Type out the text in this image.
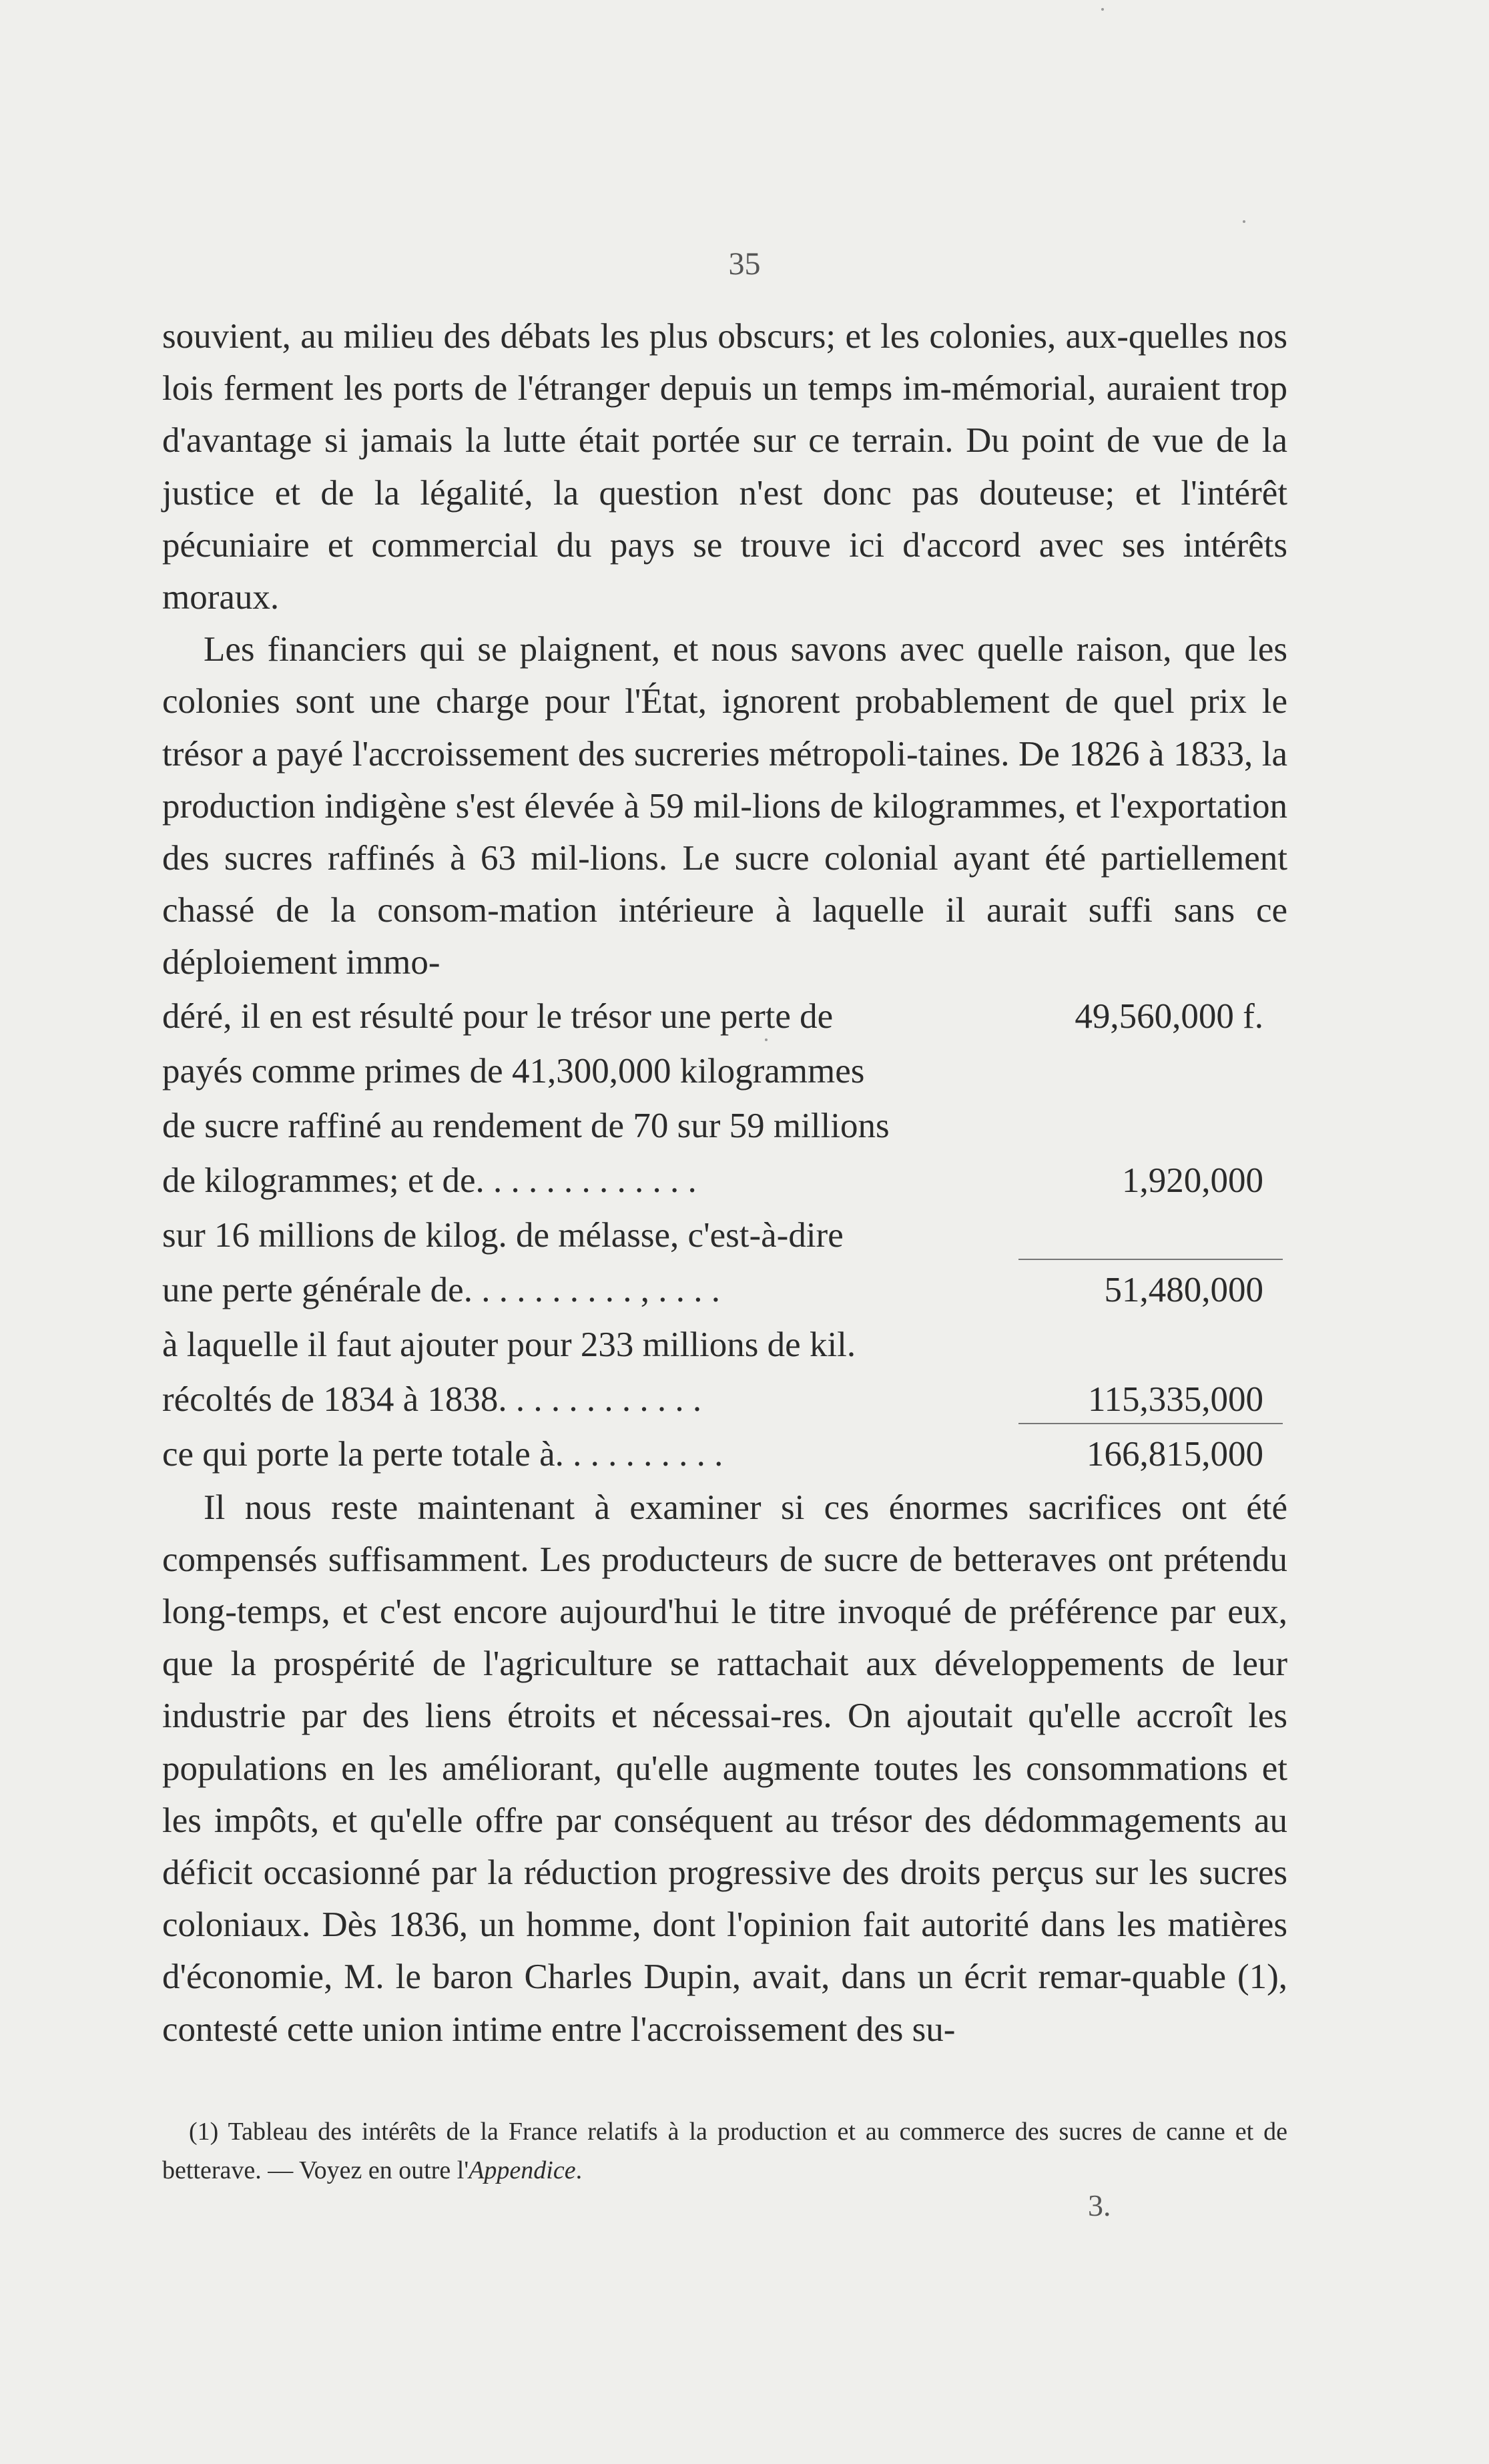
35

souvient, au milieu des débats les plus obscurs; et les colonies, aux-quelles nos lois ferment les ports de l'étranger depuis un temps im-mémorial, auraient trop d'avantage si jamais la lutte était portée sur ce terrain. Du point de vue de la justice et de la légalité, la question n'est donc pas douteuse; et l'intérêt pécuniaire et commercial du pays se trouve ici d'accord avec ses intérêts moraux.

Les financiers qui se plaignent, et nous savons avec quelle raison, que les colonies sont une charge pour l'État, ignorent probablement de quel prix le trésor a payé l'accroissement des sucreries métropoli-taines. De 1826 à 1833, la production indigène s'est élevée à 59 mil-lions de kilogrammes, et l'exportation des sucres raffinés à 63 mil-lions. Le sucre colonial ayant été partiellement chassé de la consom-mation intérieure à laquelle il aurait suffi sans ce déploiement immo-

déré, il en est résulté pour le trésor une perte de	49,560,000 f.
payés comme primes de 41,300,000 kilogrammes
de sucre raffiné au rendement de 70 sur 59 millions
de kilogrammes; et de. . . . . . . . . . . . .	1,920,000
sur 16 millions de kilog. de mélasse, c'est-à-dire
une perte générale de. . . . . . . . . . , . . . .	51,480,000
à laquelle il faut ajouter pour 233 millions de kil.
récoltés de 1834 à 1838. . . . . . . . . . . .	115,335,000
ce qui porte la perte totale à. . . . . . . . . .	166,815,000

Il nous reste maintenant à examiner si ces énormes sacrifices ont été compensés suffisamment. Les producteurs de sucre de betteraves ont prétendu long-temps, et c'est encore aujourd'hui le titre invoqué de préférence par eux, que la prospérité de l'agriculture se rattachait aux développements de leur industrie par des liens étroits et nécessai-res. On ajoutait qu'elle accroît les populations en les améliorant, qu'elle augmente toutes les consommations et les impôts, et qu'elle offre par conséquent au trésor des dédommagements au déficit occasionné par la réduction progressive des droits perçus sur les sucres coloniaux. Dès 1836, un homme, dont l'opinion fait autorité dans les matières d'économie, M. le baron Charles Dupin, avait, dans un écrit remar-quable (1), contesté cette union intime entre l'accroissement des su-

(1) Tableau des intérêts de la France relatifs à la production et au commerce des sucres de canne et de betterave. — Voyez en outre l'Appendice.

3.
